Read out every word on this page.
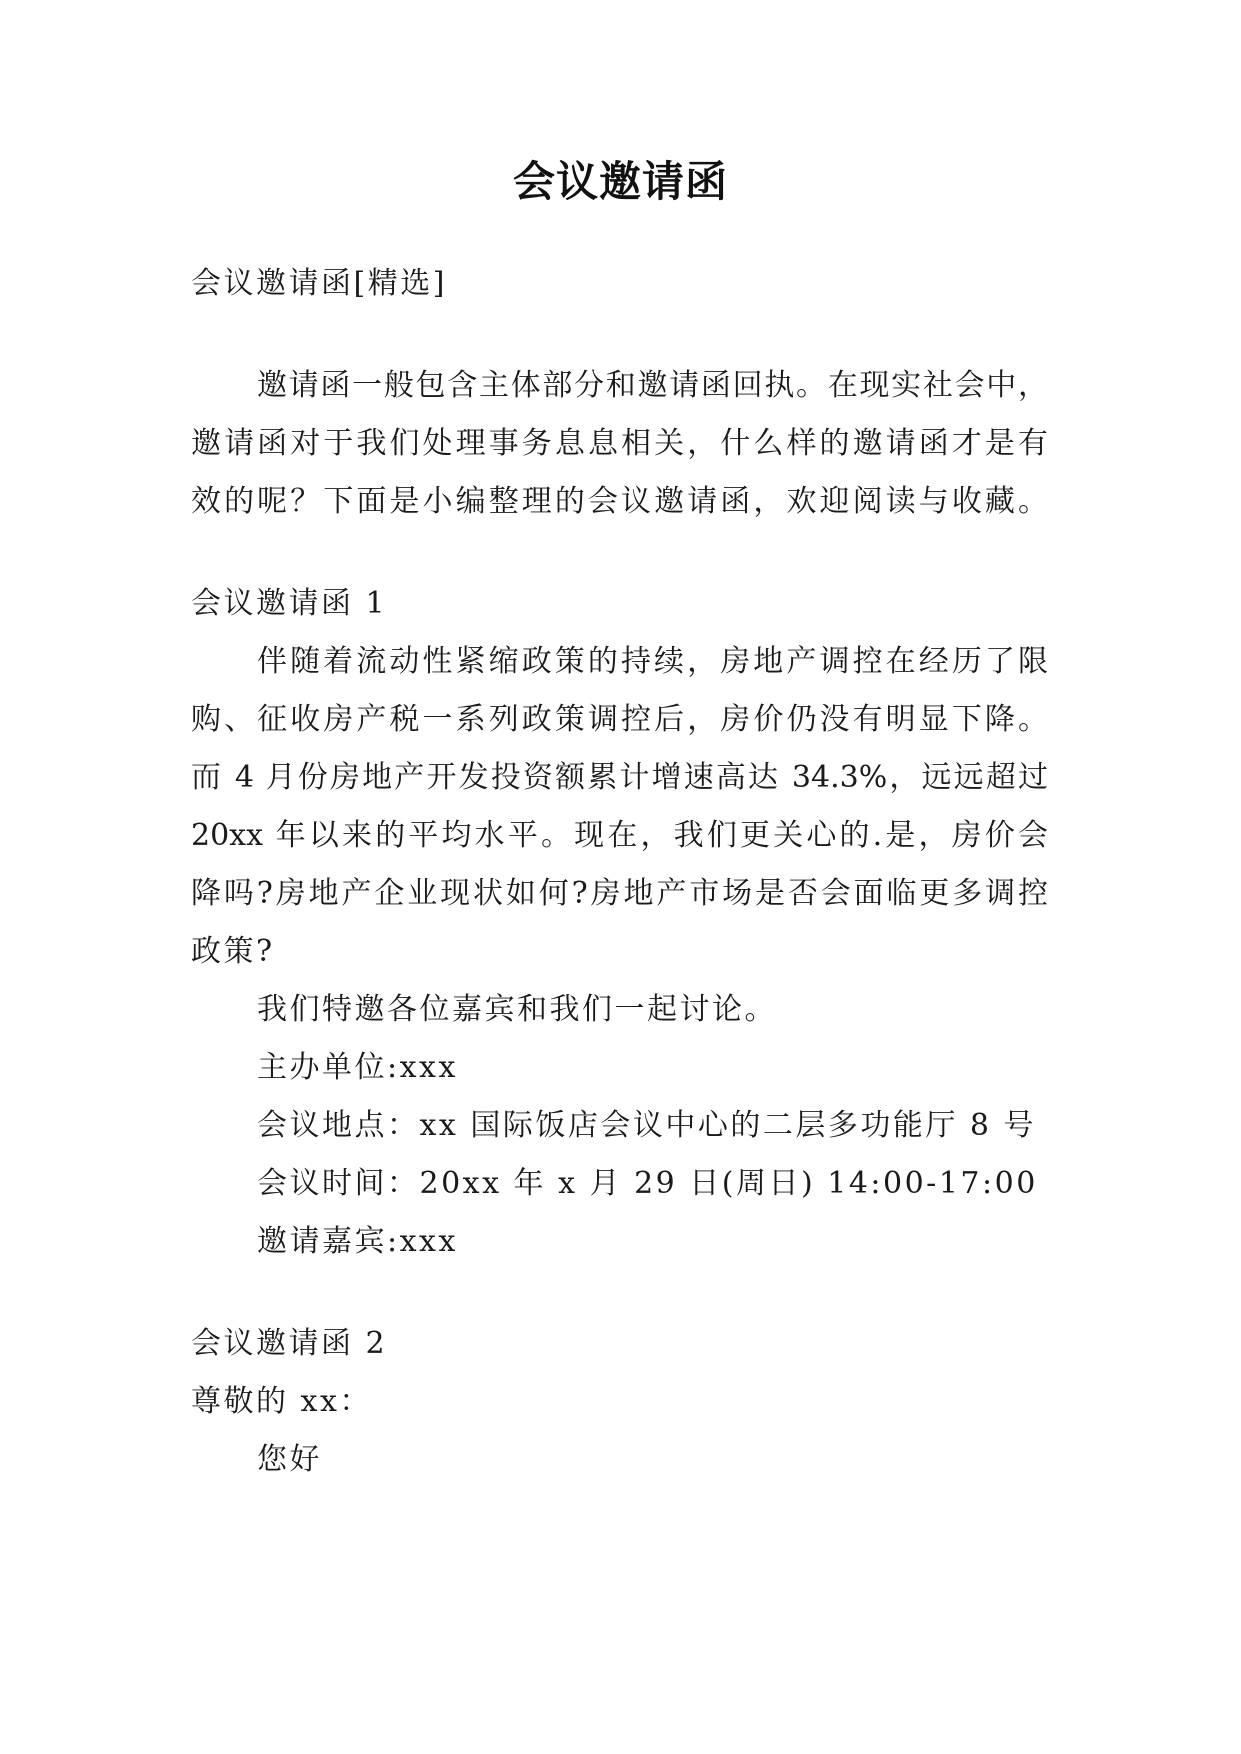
会议邀请函
会议邀请函[精选]
邀请函一般包含主体部分和邀请函回执。在现实社会中，
邀请函对于我们处理事务息息相关，什么样的邀请函才是有
效的呢？下面是小编整理的会议邀请函，欢迎阅读与收藏。
会议邀请函 1
伴随着流动性紧缩政策的持续，房地产调控在经历了限
购、征收房产税一系列政策调控后，房价仍没有明显下降。
而 4 月份房地产开发投资额累计增速高达 34.3%，远远超过
20xx 年以来的平均水平。现在，我们更关心的.是，房价会
降吗?房地产企业现状如何?房地产市场是否会面临更多调控
政策?
我们特邀各位嘉宾和我们一起讨论。
主办单位:xxx
会议地点：xx 国际饭店会议中心的二层多功能厅 8 号
会议时间：20xx 年 x 月 29 日(周日) 14:00-17:00
邀请嘉宾:xxx
会议邀请函 2
尊敬的 xx：
您好
